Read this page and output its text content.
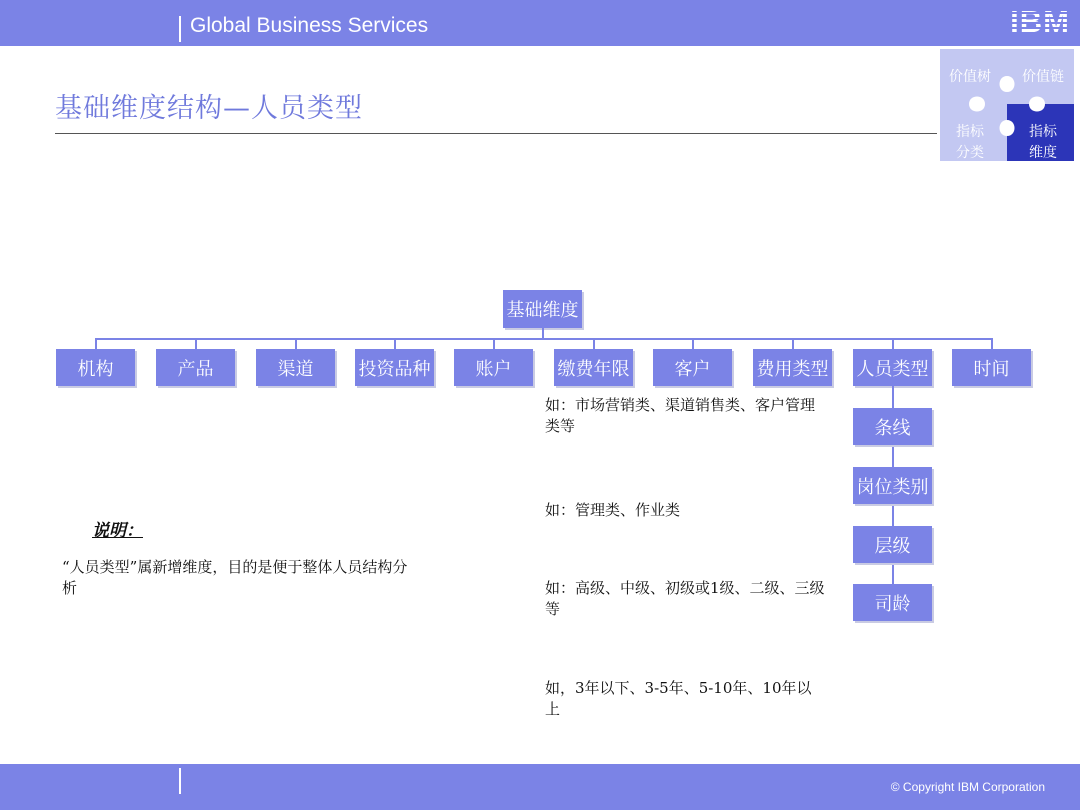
Global Business Services	IBM
基础维度结构—人员类型
价值树 价值链
指标分类
指标维度
基础维度
机构	产品	渠道	投资品种	账户	缴费年限	客户	费用类型 人员类型	时间
条线
岗位类别
层级
司龄
如：市场营销类、渠道销售类、客户管理类等
如：管理类、作业类
如：高级、中级、初级或1级、二级、三级等
如，3年以下、3-5年、5-10年、10年以上
说明：
“人员类型”属新增维度，目的是便于整体人员结构分析
© Copyright IBM Corporation
